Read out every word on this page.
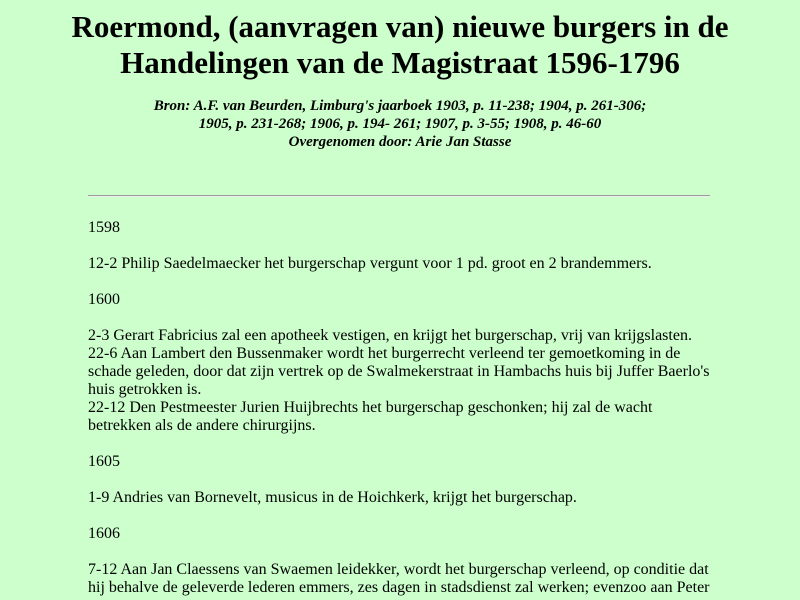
Roermond, (aanvragen van) nieuwe burgers in de
Handelingen van de Magistraat 1596-1796
Bron: A.F. van Beurden, Limburg's jaarboek 1903, p. 11-238; 1904, p. 261-306;
1905, p. 231-268; 1906, p. 194- 261; 1907, p. 3-55; 1908, p. 46-60
Overgenomen door: Arie Jan Stasse
1598
12-2 Philip Saedelmaecker het burgerschap vergunt voor 1 pd. groot en 2 brandemmers.
1600
2-3 Gerart Fabricius zal een apotheek vestigen, en krijgt het burgerschap, vrij van krijgslasten.
22-6 Aan Lambert den Bussenmaker wordt het burgerrecht verleend ter gemoetkoming in de schade geleden, door dat zijn vertrek op de Swalmekerstraat in Hambachs huis bij Juffer Baerlo's huis getrokken is.
22-12 Den Pestmeester Jurien Huijbrechts het burgerschap geschonken; hij zal de wacht betrekken als de andere chirurgijns.
1605
1-9 Andries van Bornevelt, musicus in de Hoichkerk, krijgt het burgerschap.
1606
7-12 Aan Jan Claessens van Swaemen leidekker, wordt het burgerschap verleend, op conditie dat hij behalve de geleverde lederen emmers, zes dagen in stadsdienst zal werken; evenzoo aan Peter
